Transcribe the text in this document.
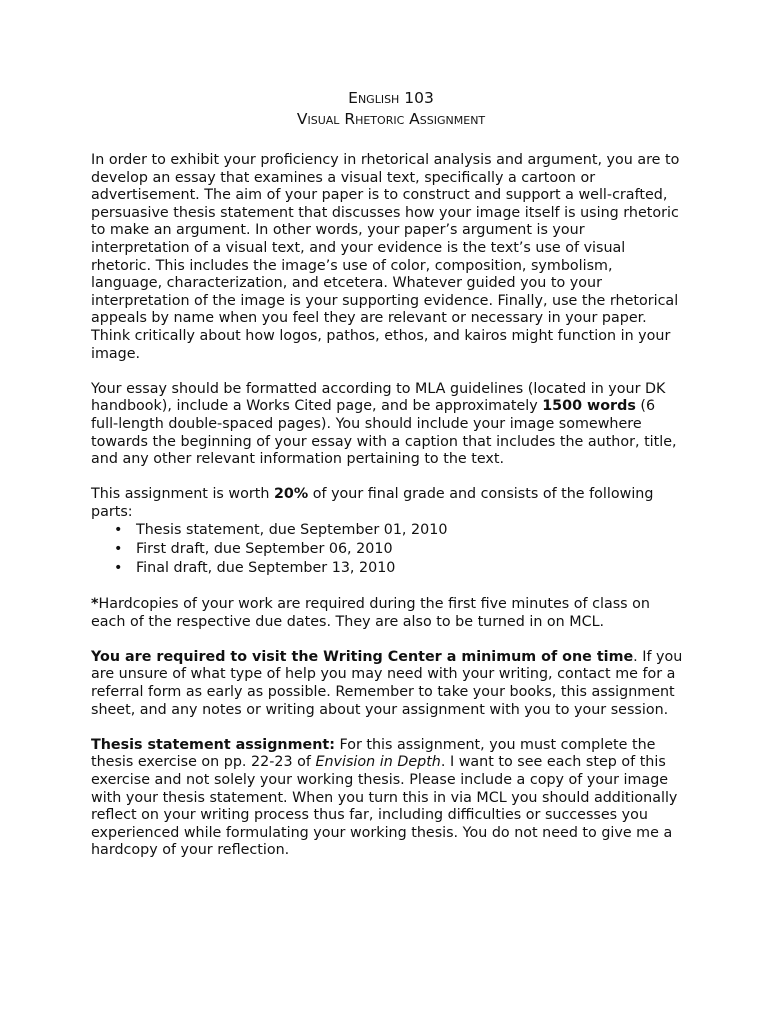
English 103
Visual Rhetoric Assignment

In order to exhibit your proficiency in rhetorical analysis and argument, you are to develop an essay that examines a visual text, specifically a cartoon or advertisement. The aim of your paper is to construct and support a well-crafted, persuasive thesis statement that discusses how your image itself is using rhetoric to make an argument. In other words, your paper’s argument is your interpretation of a visual text, and your evidence is the text’s use of visual rhetoric. This includes the image’s use of color, composition, symbolism, language, characterization, and etcetera. Whatever guided you to your interpretation of the image is your supporting evidence. Finally, use the rhetorical appeals by name when you feel they are relevant or necessary in your paper. Think critically about how logos, pathos, ethos, and kairos might function in your image.

Your essay should be formatted according to MLA guidelines (located in your DK handbook), include a Works Cited page, and be approximately 1500 words (6 full-length double-spaced pages). You should include your image somewhere towards the beginning of your essay with a caption that includes the author, title, and any other relevant information pertaining to the text.

This assignment is worth 20% of your final grade and consists of the following parts:

• Thesis statement, due September 01, 2010
• First draft, due September 06, 2010
• Final draft, due September 13, 2010

*Hardcopies of your work are required during the first five minutes of class on each of the respective due dates. They are also to be turned in on MCL.

You are required to visit the Writing Center a minimum of one time. If you are unsure of what type of help you may need with your writing, contact me for a referral form as early as possible. Remember to take your books, this assignment sheet, and any notes or writing about your assignment with you to your session.

Thesis statement assignment: For this assignment, you must complete the thesis exercise on pp. 22-23 of Envision in Depth. I want to see each step of this exercise and not solely your working thesis. Please include a copy of your image with your thesis statement. When you turn this in via MCL you should additionally reflect on your writing process thus far, including difficulties or successes you experienced while formulating your working thesis. You do not need to give me a hardcopy of your reflection.
